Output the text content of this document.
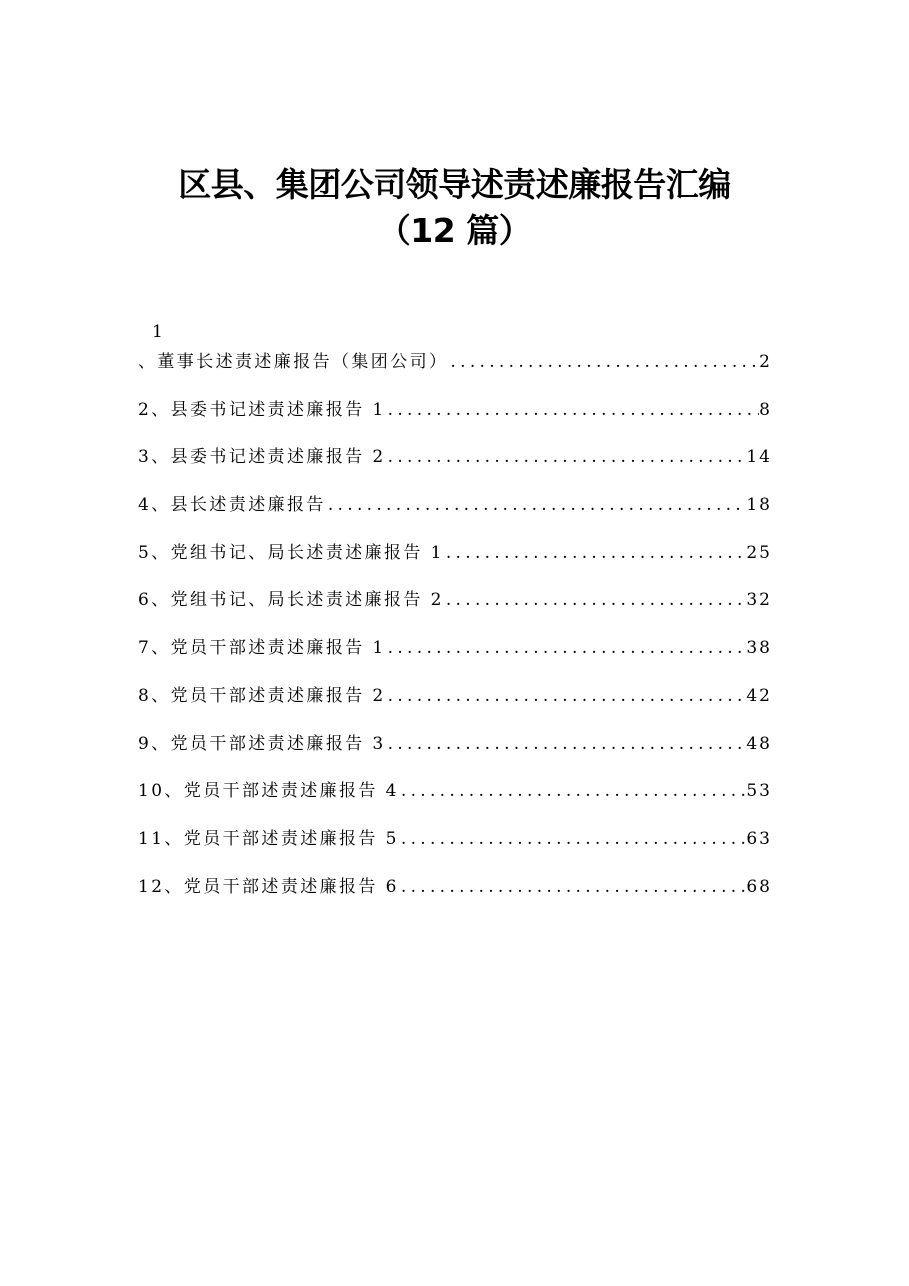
区县、集团公司领导述责述廉报告汇编
（12 篇）
1
、董事长述责述廉报告（集团公司） .....	2
2、县委书记述责述廉报告 1 .....	8
3、县委书记述责述廉报告 2 .....	14
4、县长述责述廉报告 .....	18
5、党组书记、局长述责述廉报告 1 .....	25
6、党组书记、局长述责述廉报告 2 .....	32
7、党员干部述责述廉报告 1 .....	38
8、党员干部述责述廉报告 2 .....	42
9、党员干部述责述廉报告 3 .....	48
10、党员干部述责述廉报告 4 .....	53
11、党员干部述责述廉报告 5 .....	63
12、党员干部述责述廉报告 6 .....	68
